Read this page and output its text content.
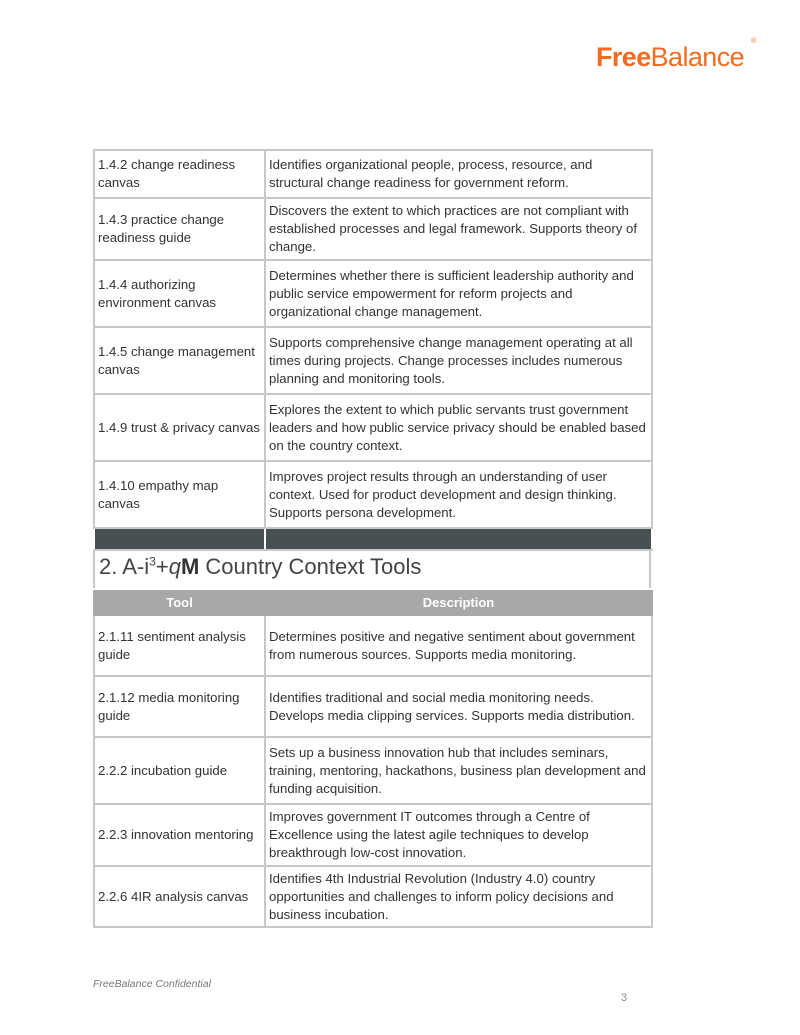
FreeBalance
®
1.4.2 change readiness canvas	Identifies organizational people, process, resource, and structural change readiness for government reform.
1.4.3 practice change readiness guide	Discovers the extent to which practices are not compliant with established processes and legal framework. Supports theory of change.
1.4.4 authorizing environment canvas	Determines whether there is sufficient leadership authority and public service empowerment for reform projects and organizational change management.
1.4.5 change management canvas	Supports comprehensive change management operating at all times during projects. Change processes includes numerous planning and monitoring tools.
1.4.9 trust & privacy canvas	Explores the extent to which public servants trust government leaders and how public service privacy should be enabled based on the country context.
1.4.10 empathy map canvas	Improves project results through an understanding of user context. Used for product development and design thinking. Supports persona development.

2. $A-i^3+qM$ Country Context Tools
Tool	Description
2.1.11 sentiment analysis guide	Determines positive and negative sentiment about government from numerous sources. Supports media monitoring.
2.1.12 media monitoring guide	Identifies traditional and social media monitoring needs. Develops media clipping services. Supports media distribution.
2.2.2 incubation guide	Sets up a business innovation hub that includes seminars, training, mentoring, hackathons, business plan development and funding acquisition.
2.2.3 innovation mentoring	Improves government IT outcomes through a Centre of Excellence using the latest agile techniques to develop breakthrough low-cost innovation.
2.2.6 4IR analysis canvas	Identifies 4th Industrial Revolution (Industry 4.0) country opportunities and challenges to inform policy decisions and business incubation.
FreeBalance Confidential
3
